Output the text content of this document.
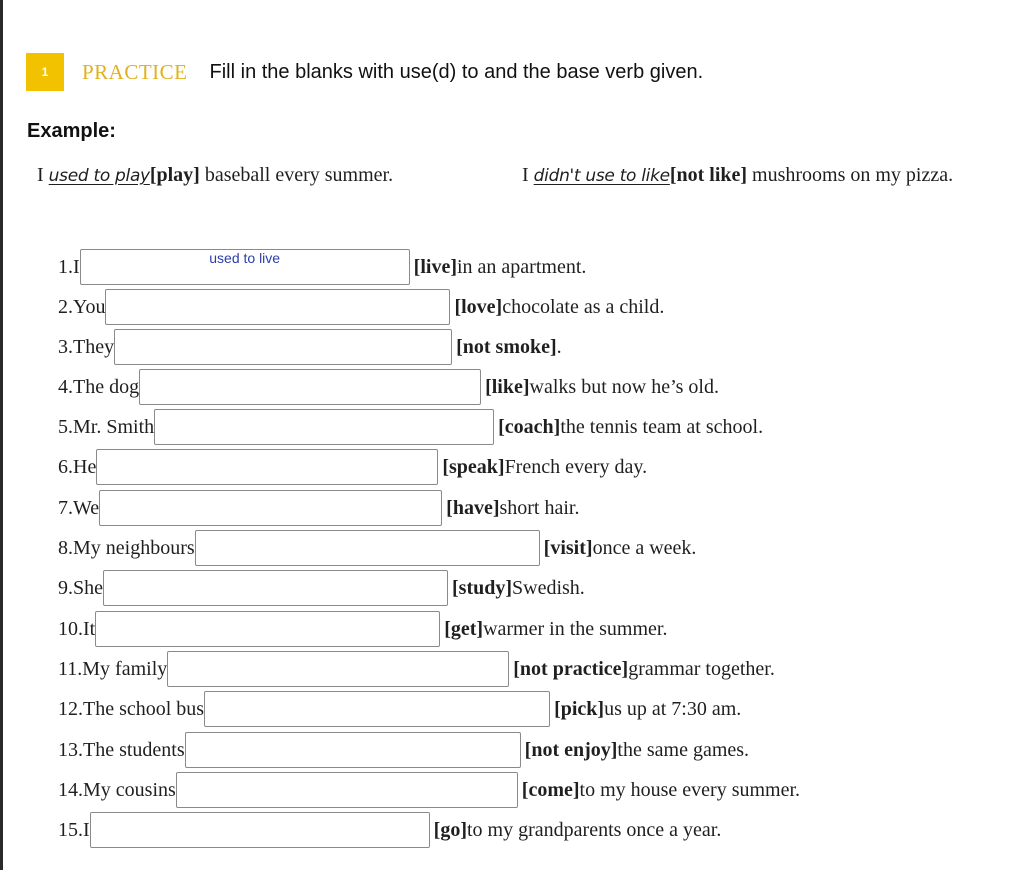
1	PRACTICE Fill in the blanks with use(d) to and the base verb given.
Example:
I used to play[play] baseball every summer.	I didn't use to like[not like] mushrooms on my pizza.
1. I	used to live	[live] in an apartment.
2. You	[love] chocolate as a child.
3. They	[not smoke] .
4. The dog	[like] walks but now he’s old.
5. Mr. Smith	[coach] the tennis team at school.
6. He	[speak] French every day.
7. We	[have] short hair.
8. My neighbours	[visit] once a week.
9. She	[study] Swedish.
10. It	[get] warmer in the summer.
11. My family	[not practice] grammar together.
12. The school bus	[pick] us up at 7:30 am.
13. The students	[not enjoy] the same games.
14. My cousins	[come] to my house every summer.
15. I	[go] to my grandparents once a year.
